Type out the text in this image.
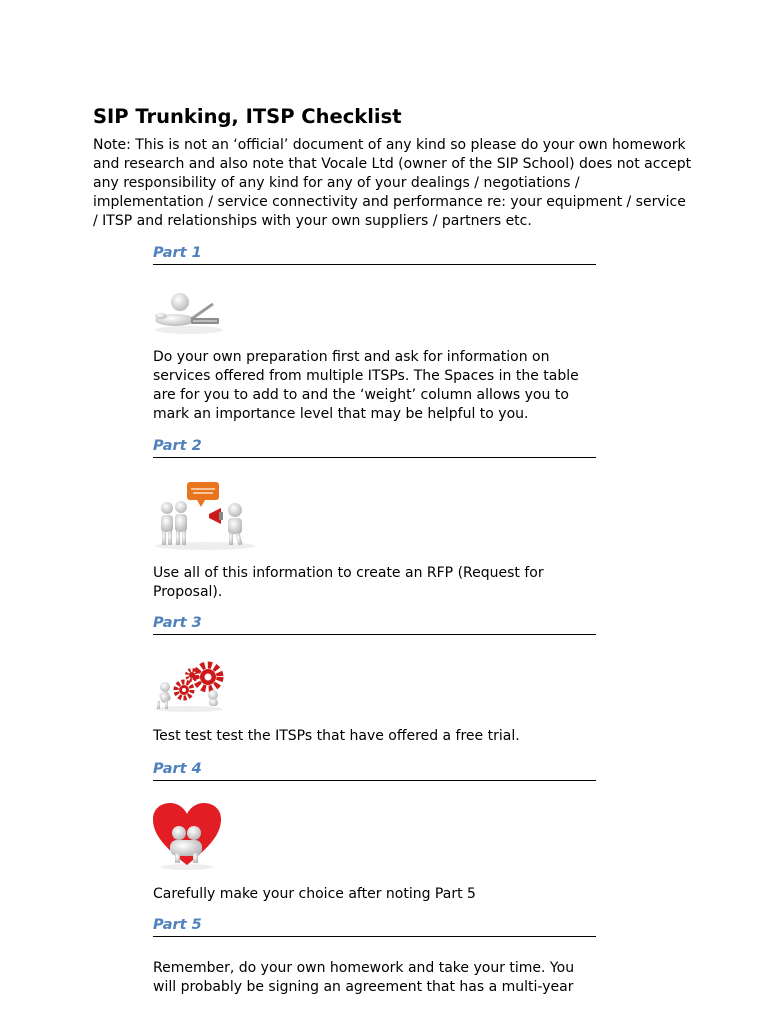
SIP Trunking, ITSP Checklist

Note: This is not an ‘official’ document of any kind so please do your own homework and research and also note that Vocale Ltd (owner of the SIP School) does not accept any responsibility of any kind for any of your dealings / negotiations / implementation / service connectivity and performance re: your equipment / service / ITSP and relationships with your own suppliers / partners etc.

Part 1

Do your own preparation first and ask for information on services offered from multiple ITSPs. The Spaces in the table are for you to add to and the ‘weight’ column allows you to mark an importance level that may be helpful to you.

Part 2

Use all of this information to create an RFP (Request for Proposal).

Part 3

Test test test the ITSPs that have offered a free trial.

Part 4

Carefully make your choice after noting Part 5

Part 5

Remember, do your own homework and take your time. You will probably be signing an agreement that has a multi-year
